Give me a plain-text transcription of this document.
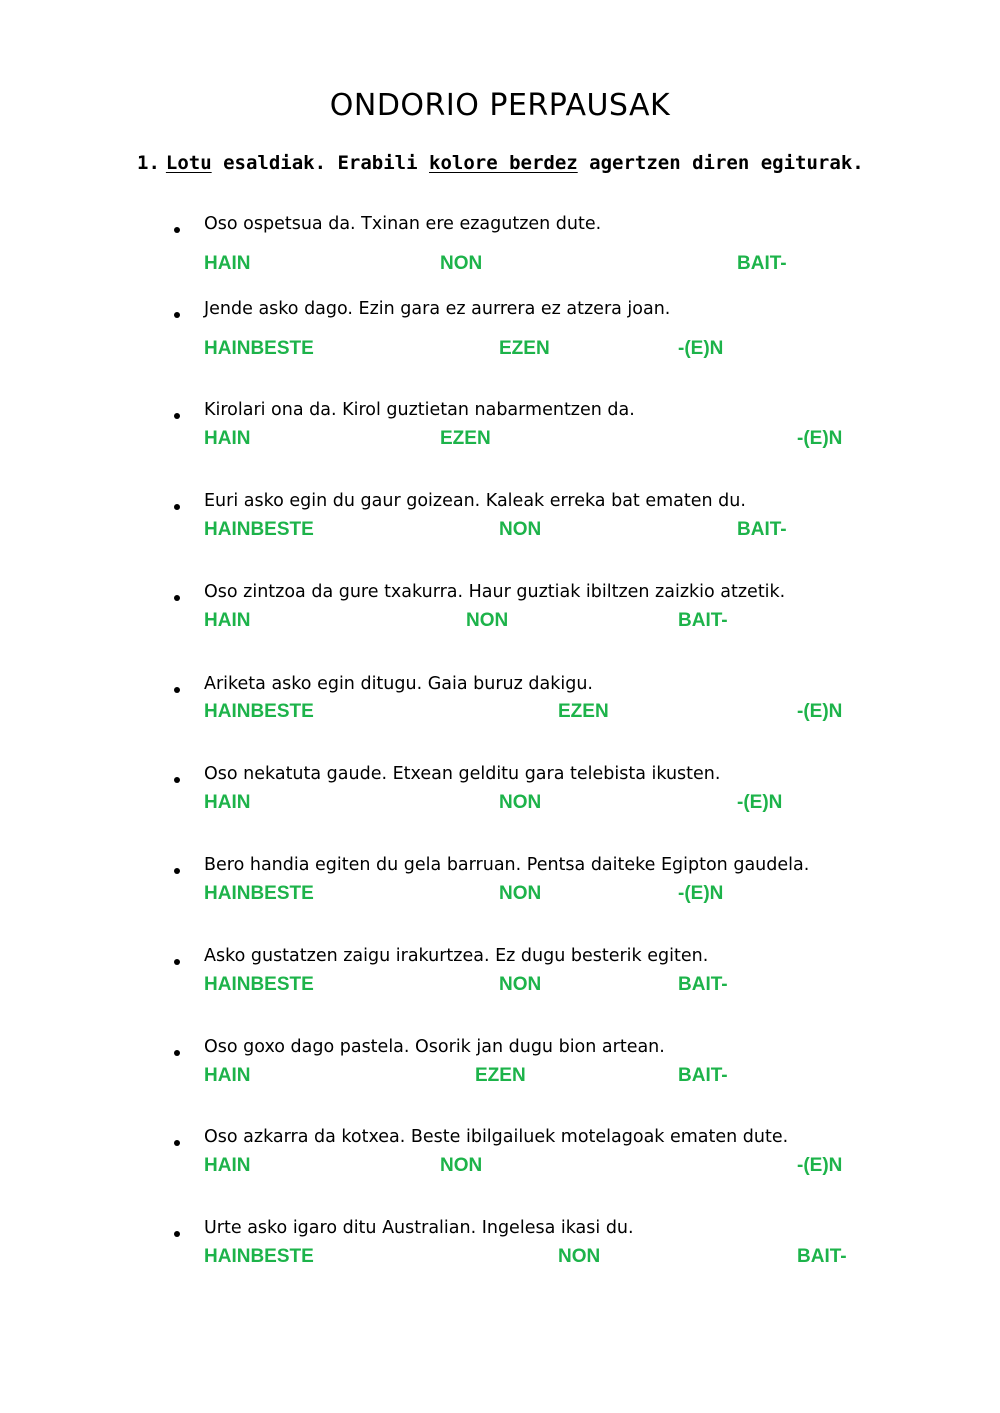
ONDORIO PERPAUSAK
1. Lotu esaldiak. Erabili kolore berdez agertzen diren egiturak.
Oso ospetsua da. Txinan ere ezagutzen dute.
HAIN	NON	BAIT-
Jende asko dago. Ezin gara ez aurrera ez atzera joan.
HAINBESTE	EZEN	-(E)N
Kirolari ona da. Kirol guztietan nabarmentzen da.
HAIN	EZEN	-(E)N
Euri asko egin du gaur goizean. Kaleak erreka bat ematen du.
HAINBESTE	NON	BAIT-
Oso zintzoa da gure txakurra. Haur guztiak ibiltzen zaizkio atzetik.
HAIN	NON	BAIT-
Ariketa asko egin ditugu. Gaia buruz dakigu.
HAINBESTE	EZEN	-(E)N
Oso nekatuta gaude. Etxean gelditu gara telebista ikusten.
HAIN	NON	-(E)N
Bero handia egiten du gela barruan. Pentsa daiteke Egipton gaudela.
HAINBESTE	NON	-(E)N
Asko gustatzen zaigu irakurtzea. Ez dugu besterik egiten.
HAINBESTE	NON	BAIT-
Oso goxo dago pastela. Osorik jan dugu bion artean.
HAIN	EZEN	BAIT-
Oso azkarra da kotxea. Beste ibilgailuek motelagoak ematen dute.
HAIN	NON	-(E)N
Urte asko igaro ditu Australian. Ingelesa ikasi du.
HAINBESTE	NON	BAIT-
